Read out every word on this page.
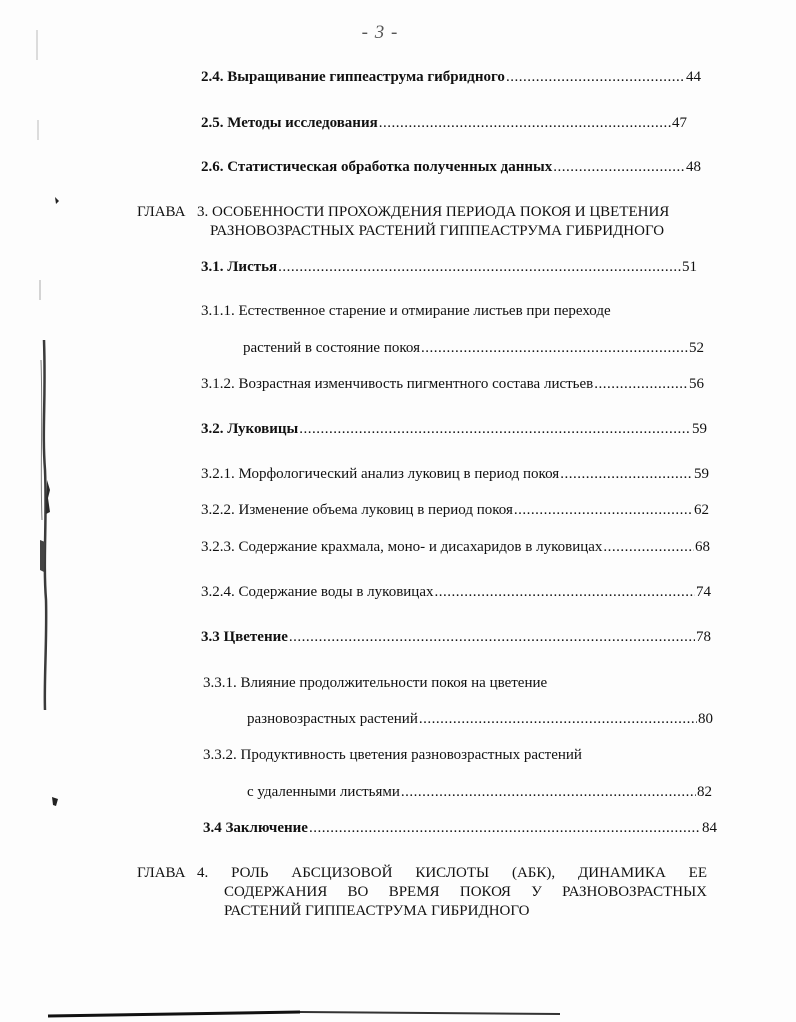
- 3 -
2.4. Выращивание гиппеаструма гибридного .....	44
2.5. Методы исследования .....	47
2.6. Статистическая обработка полученных данных .....	48
ГЛАВА 3. ОСОБЕННОСТИ ПРОХОЖДЕНИЯ ПЕРИОДА ПОКОЯ И ЦВЕТЕНИЯ
РАЗНОВОЗРАСТНЫХ РАСТЕНИЙ ГИППЕАСТРУМА ГИБРИДНОГО
3.1. Листья .....	51
3.1.1. Естественное старение и отмирание листьев при переходе
растений в состояние покоя .....	52
3.1.2. Возрастная изменчивость пигментного состава листьев .....	56
3.2. Луковицы .....	59
3.2.1. Морфологический анализ луковиц в период покоя .....	59
3.2.2. Изменение объема луковиц в период покоя .....	62
3.2.3. Содержание крахмала, моно- и дисахаридов в луковицах .....	68
3.2.4. Содержание воды в луковицах .....	74
3.3 Цветение .....	78
3.3.1. Влияние продолжительности покоя на цветение
разновозрастных растений .....	80
3.3.2. Продуктивность цветения разновозрастных растений
с удаленными листьями .....	82
3.4 Заключение .....	84
ГЛАВА 4. РОЛЬ АБСЦИЗОВОЙ КИСЛОТЫ (АБК), ДИНАМИКА ЕЕ
СОДЕРЖАНИЯ ВО ВРЕМЯ ПОКОЯ У РАЗНОВОЗРАСТНЫХ
РАСТЕНИЙ ГИППЕАСТРУМА ГИБРИДНОГО
